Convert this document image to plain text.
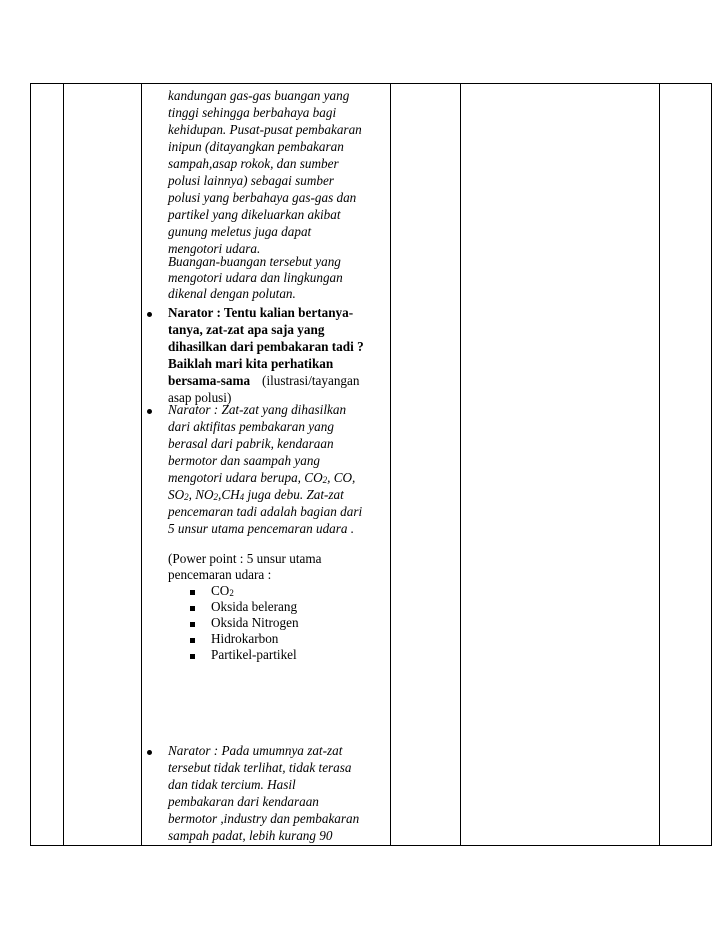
kandungan gas-gas buangan yang
tinggi sehingga berbahaya bagi
kehidupan. Pusat-pusat pembakaran
inipun (ditayangkan pembakaran
sampah,asap rokok, dan sumber
polusi lainnya) sebagai sumber
polusi yang berbahaya gas-gas dan
partikel yang dikeluarkan akibat
gunung meletus juga dapat
mengotori udara.
Buangan-buangan tersebut yang
mengotori udara dan lingkungan
dikenal dengan polutan.
Narator : Tentu kalian bertanya-
tanya, zat-zat apa saja yang
dihasilkan dari pembakaran tadi ?
Baiklah mari kita perhatikan
bersama-sama (ilustrasi/tayangan
asap polusi)
Narator : Zat-zat yang dihasilkan
dari aktifitas pembakaran yang
berasal dari pabrik, kendaraan
bermotor dan saampah yang
mengotori udara berupa, $CO_2$, CO,
$SO_2$, $NO_2,CH_4$ juga debu. Zat-zat
pencemaran tadi adalah bagian dari
5 unsur utama pencemaran udara .
(Power point : 5 unsur utama
pencemaran udara :
$CO_2$
Oksida belerang
Oksida Nitrogen
Hidrokarbon
Partikel-partikel
Narator : Pada umumnya zat-zat
tersebut tidak terlihat, tidak terasa
dan tidak tercium. Hasil
pembakaran dari kendaraan
bermotor ,industry dan pembakaran
sampah padat, lebih kurang 90
